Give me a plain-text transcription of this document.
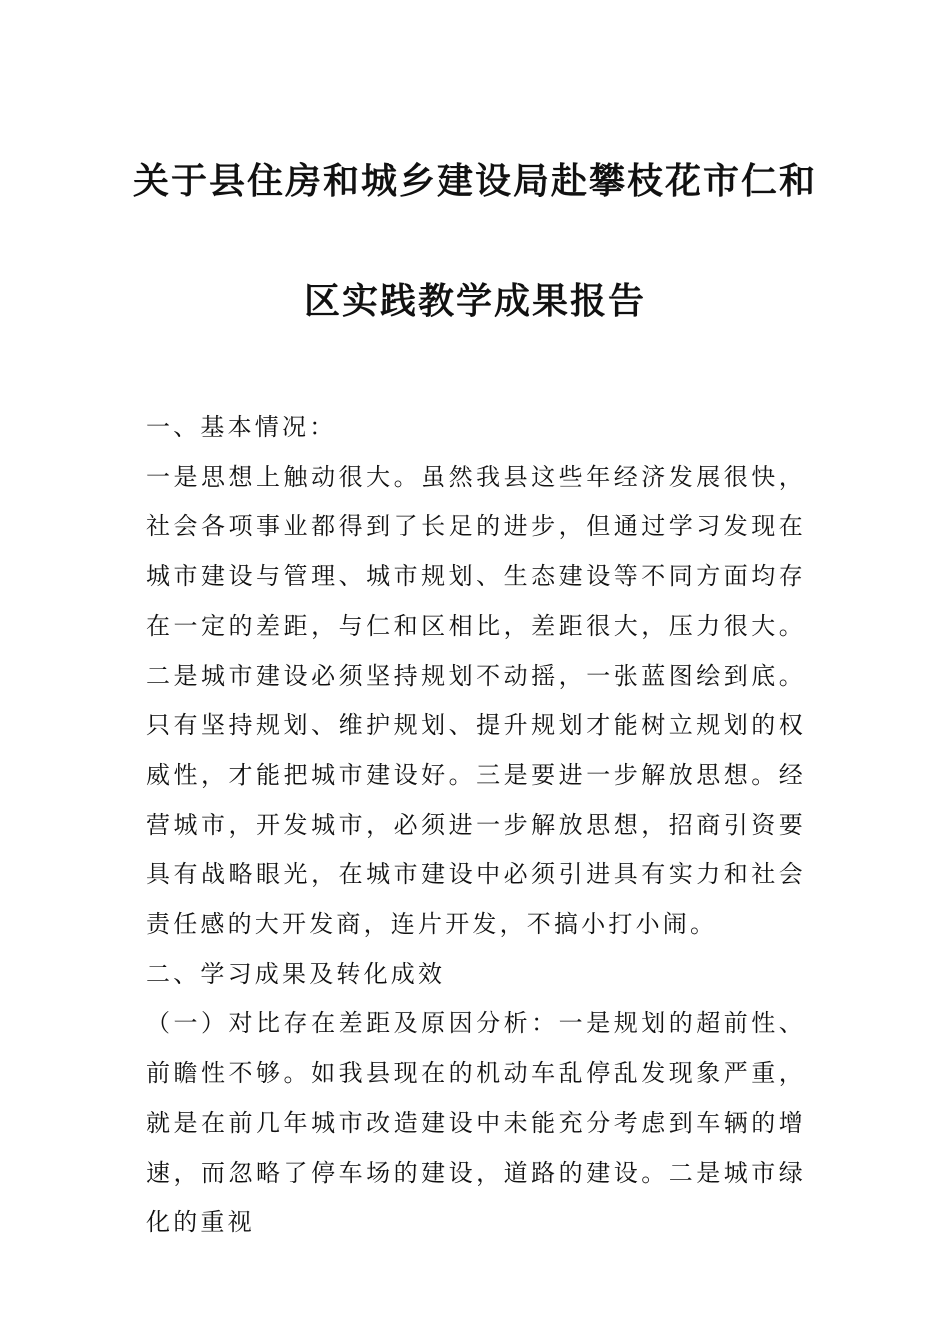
关于县住房和城乡建设局赴攀枝花市仁和
区实践教学成果报告

一、基本情况：

一是思想上触动很大。虽然我县这些年经济发展很快，社会各项事业都得到了长足的进步，但通过学习发现在城市建设与管理、城市规划、生态建设等不同方面均存在一定的差距，与仁和区相比，差距很大，压力很大。二是城市建设必须坚持规划不动摇，一张蓝图绘到底。只有坚持规划、维护规划、提升规划才能树立规划的权威性，才能把城市建设好。三是要进一步解放思想。经营城市，开发城市，必须进一步解放思想，招商引资要具有战略眼光，在城市建设中必须引进具有实力和社会责任感的大开发商，连片开发，不搞小打小闹。

二、学习成果及转化成效

（一）对比存在差距及原因分析：一是规划的超前性、前瞻性不够。如我县现在的机动车乱停乱发现象严重，就是在前几年城市改造建设中未能充分考虑到车辆的增速，而忽略了停车场的建设，道路的建设。二是城市绿化的重视
